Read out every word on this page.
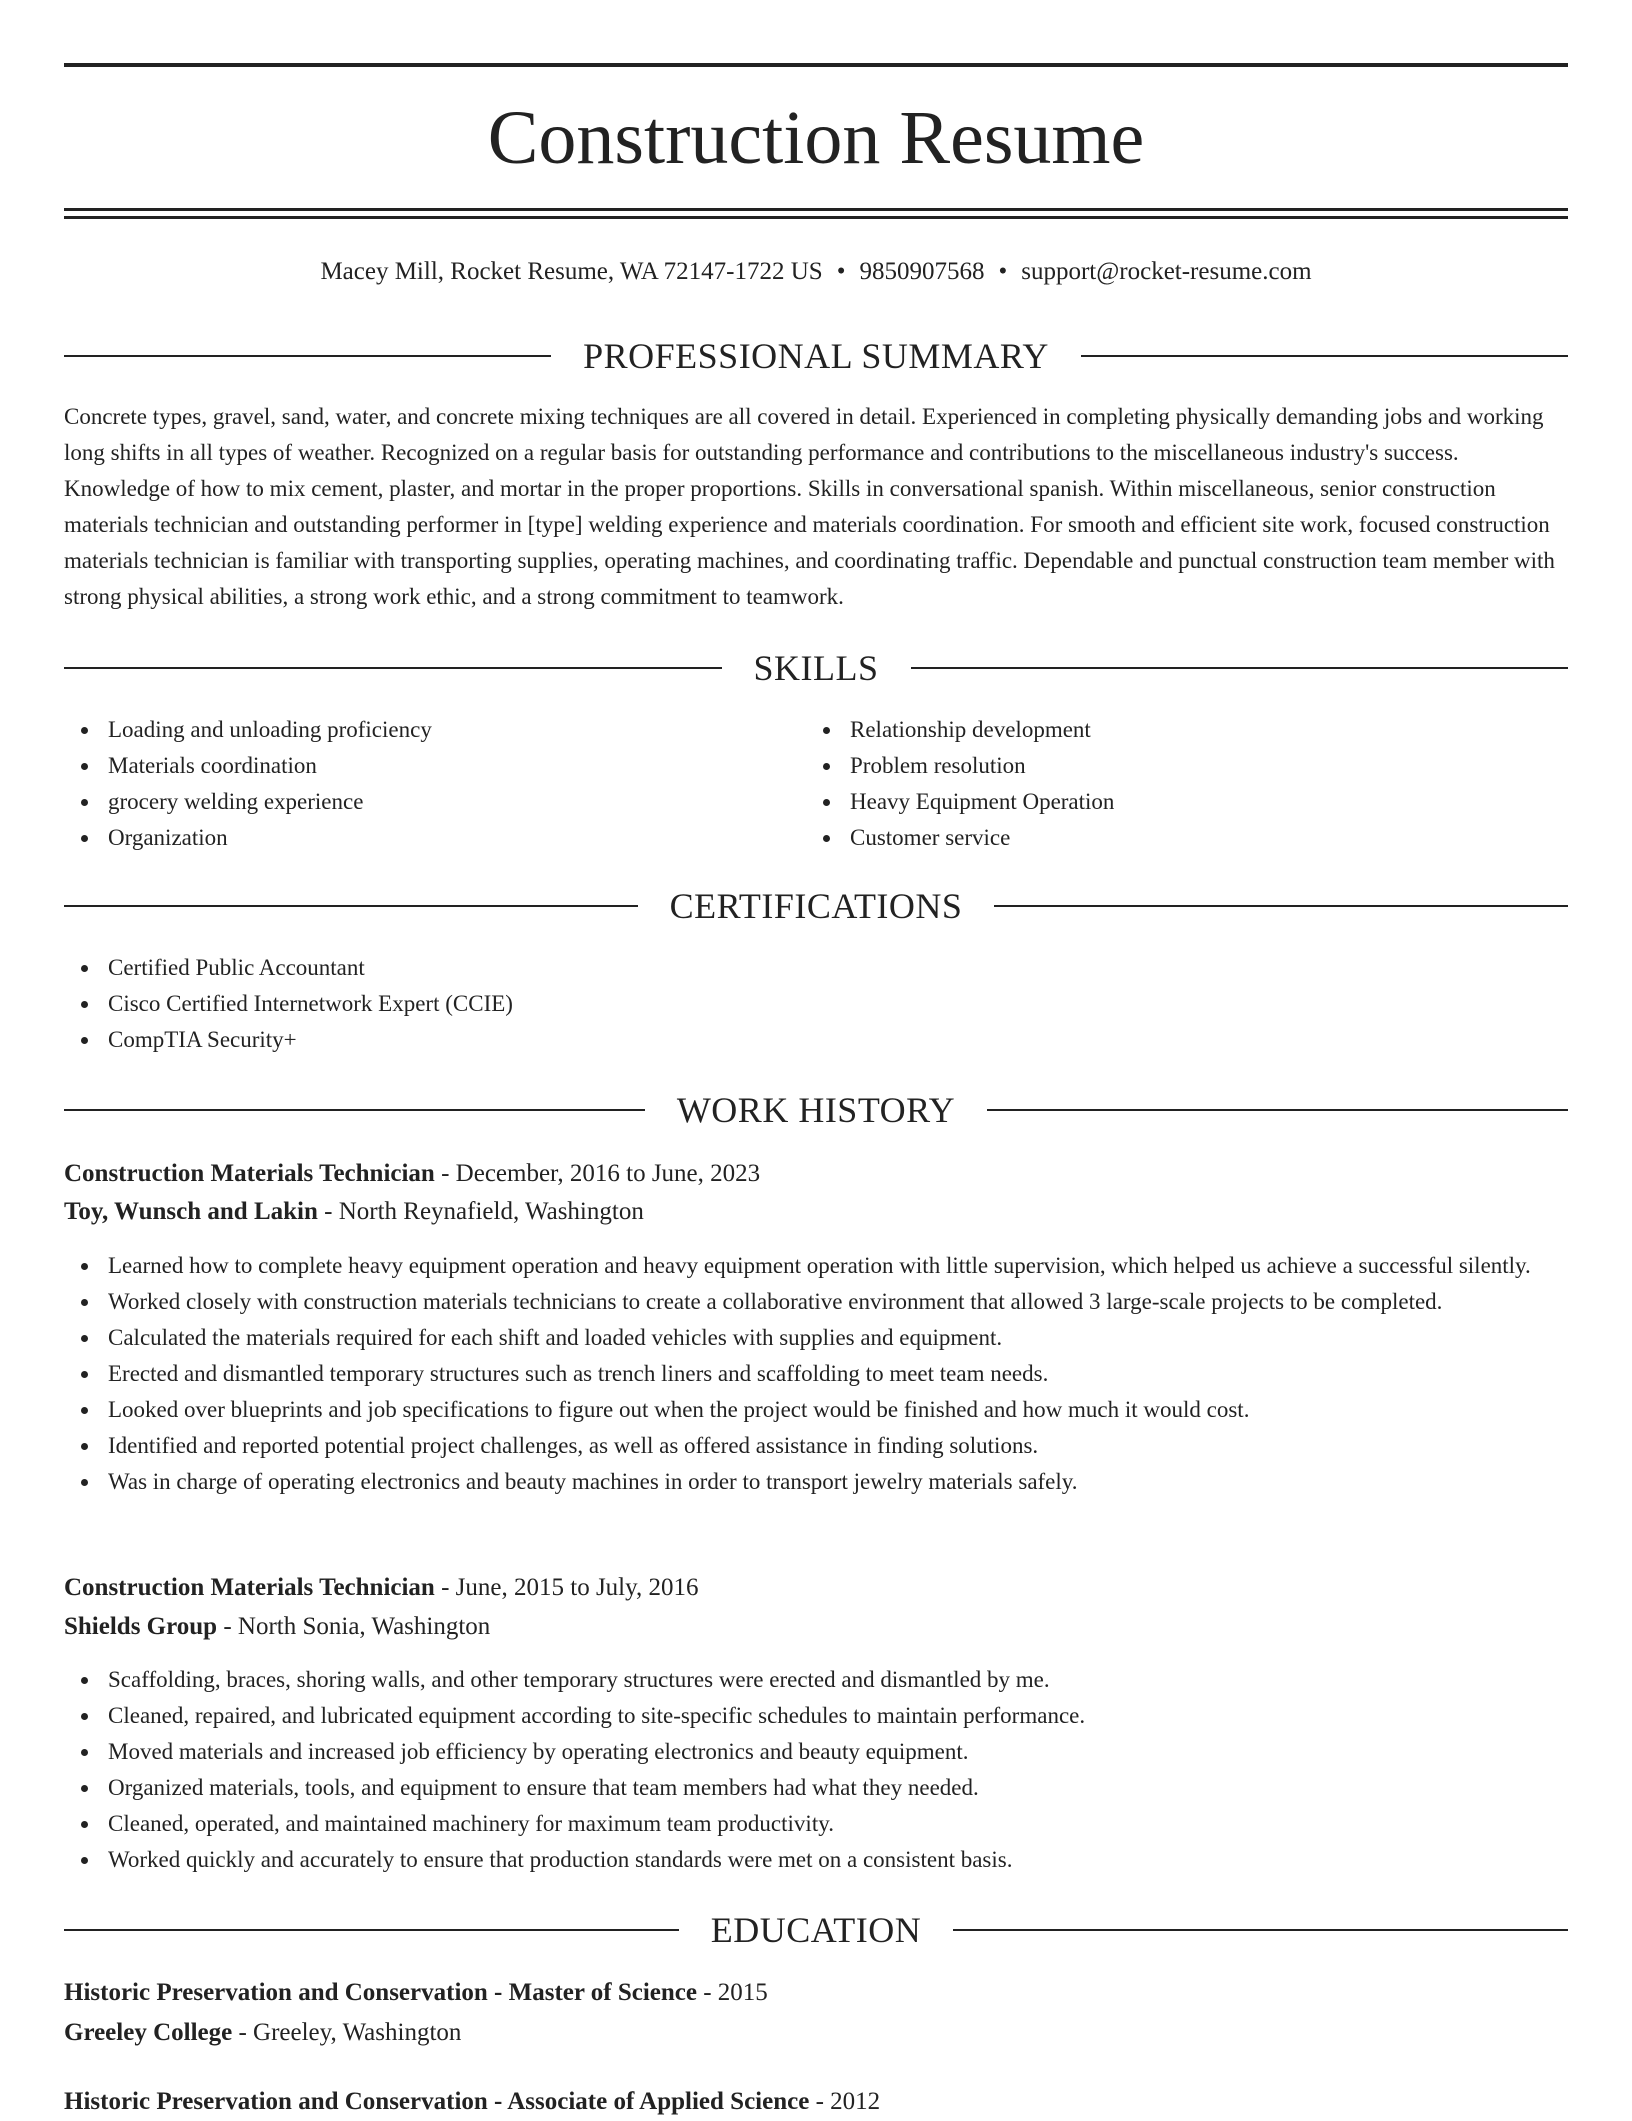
Construction Resume
Macey Mill, Rocket Resume, WA 72147-1722 US • 9850907568 • support@rocket-resume.com
PROFESSIONAL SUMMARY

Concrete types, gravel, sand, water, and concrete mixing techniques are all covered in detail. Experienced in completing physically demanding jobs and working long shifts in all types of weather. Recognized on a regular basis for outstanding performance and contributions to the miscellaneous industry's success. Knowledge of how to mix cement, plaster, and mortar in the proper proportions. Skills in conversational spanish. Within miscellaneous, senior construction materials technician and outstanding performer in [type] welding experience and materials coordination. For smooth and efficient site work, focused construction materials technician is familiar with transporting supplies, operating machines, and coordinating traffic. Dependable and punctual construction team member with strong physical abilities, a strong work ethic, and a strong commitment to teamwork.

SKILLS
Loading and unloading proficiency
Materials coordination
grocery welding experience
Organization
Relationship development
Problem resolution
Heavy Equipment Operation
Customer service
CERTIFICATIONS
Certified Public Accountant
Cisco Certified Internetwork Expert (CCIE)
CompTIA Security+
WORK HISTORY
Construction Materials Technician - December, 2016 to June, 2023
Toy, Wunsch and Lakin - North Reynafield, Washington
Learned how to complete heavy equipment operation and heavy equipment operation with little supervision, which helped us achieve a successful silently.
Worked closely with construction materials technicians to create a collaborative environment that allowed 3 large-scale projects to be completed.
Calculated the materials required for each shift and loaded vehicles with supplies and equipment.
Erected and dismantled temporary structures such as trench liners and scaffolding to meet team needs.
Looked over blueprints and job specifications to figure out when the project would be finished and how much it would cost.
Identified and reported potential project challenges, as well as offered assistance in finding solutions.
Was in charge of operating electronics and beauty machines in order to transport jewelry materials safely.
Construction Materials Technician - June, 2015 to July, 2016
Shields Group - North Sonia, Washington
Scaffolding, braces, shoring walls, and other temporary structures were erected and dismantled by me.
Cleaned, repaired, and lubricated equipment according to site-specific schedules to maintain performance.
Moved materials and increased job efficiency by operating electronics and beauty equipment.
Organized materials, tools, and equipment to ensure that team members had what they needed.
Cleaned, operated, and maintained machinery for maximum team productivity.
Worked quickly and accurately to ensure that production standards were met on a consistent basis.
EDUCATION
Historic Preservation and Conservation - Master of Science - 2015
Greeley College - Greeley, Washington
Historic Preservation and Conservation - Associate of Applied Science - 2012
